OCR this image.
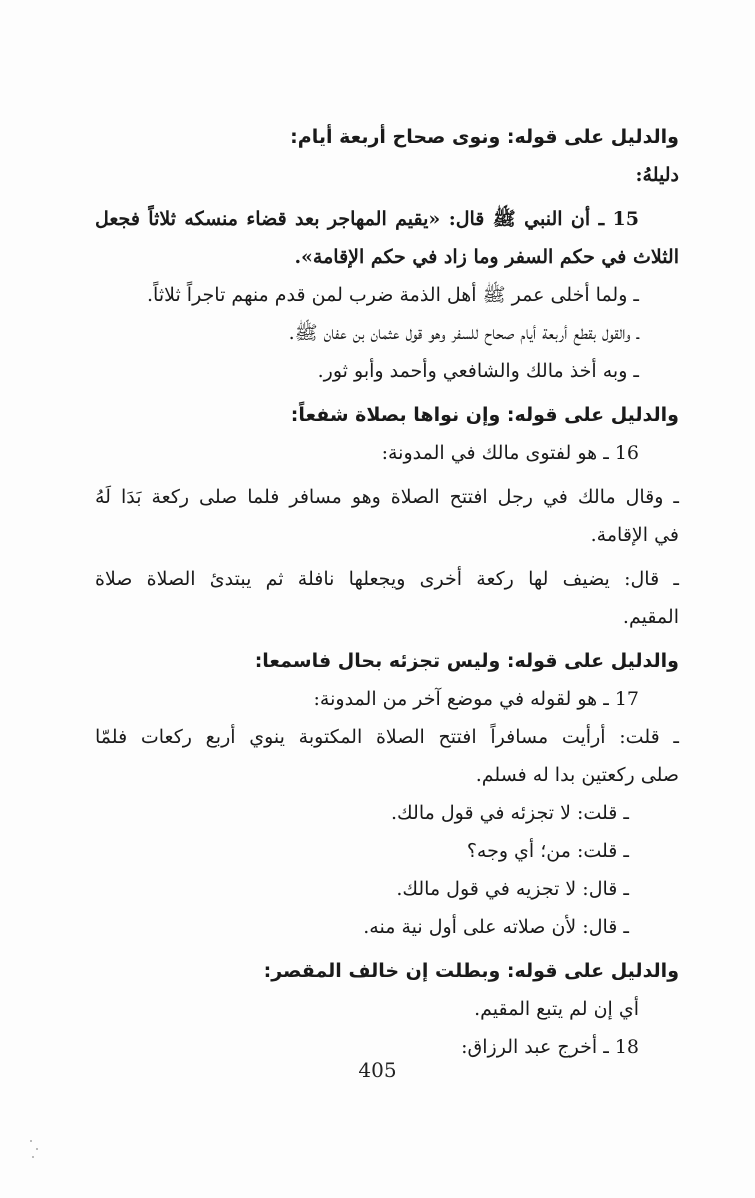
والدليل على قوله: ونوى صحاح أربعة أيام:
دليلهُ:
15 ـ أن النبي ﷺ قال: «يقيم المهاجر بعد قضاء منسكه ثلاثاً فجعل
الثلاث في حكم السفر وما زاد في حكم الإقامة».
ـ ولما أخلى عمر ﷺ أهل الذمة ضرب لمن قدم منهم تاجراً ثلاثاً.
ـ والقول بقطع أربعة أيام صحاح للسفر وهو قول عثمان بن عفان ﷺ.
ـ وبه أخذ مالك والشافعي وأحمد وأبو ثور.
والدليل على قوله: وإن نواها بصلاة شفعاً:
16 ـ هو لفتوى مالك في المدونة:
ـ وقال مالك في رجل افتتح الصلاة وهو مسافر فلما صلى ركعة بَدَا لَهُ
في الإقامة.
ـ قال: يضيف لها ركعة أخرى ويجعلها نافلة ثم يبتدئ الصلاة صلاة
المقيم.
والدليل على قوله: وليس تجزئه بحال فاسمعا:
17 ـ هو لقوله في موضع آخر من المدونة:
ـ قلت: أرأيت مسافراً افتتح الصلاة المكتوبة ينوي أربع ركعات فلمّا
صلى ركعتين بدا له فسلم.
ـ قلت: لا تجزئه في قول مالك.
ـ قلت: من؛ أي وجه؟
ـ قال: لا تجزيه في قول مالك.
ـ قال: لأن صلاته على أول نية منه.
والدليل على قوله: وبطلت إن خالف المقصر:
أي إن لم يتبع المقيم.
18 ـ أخرج عبد الرزاق:
405
